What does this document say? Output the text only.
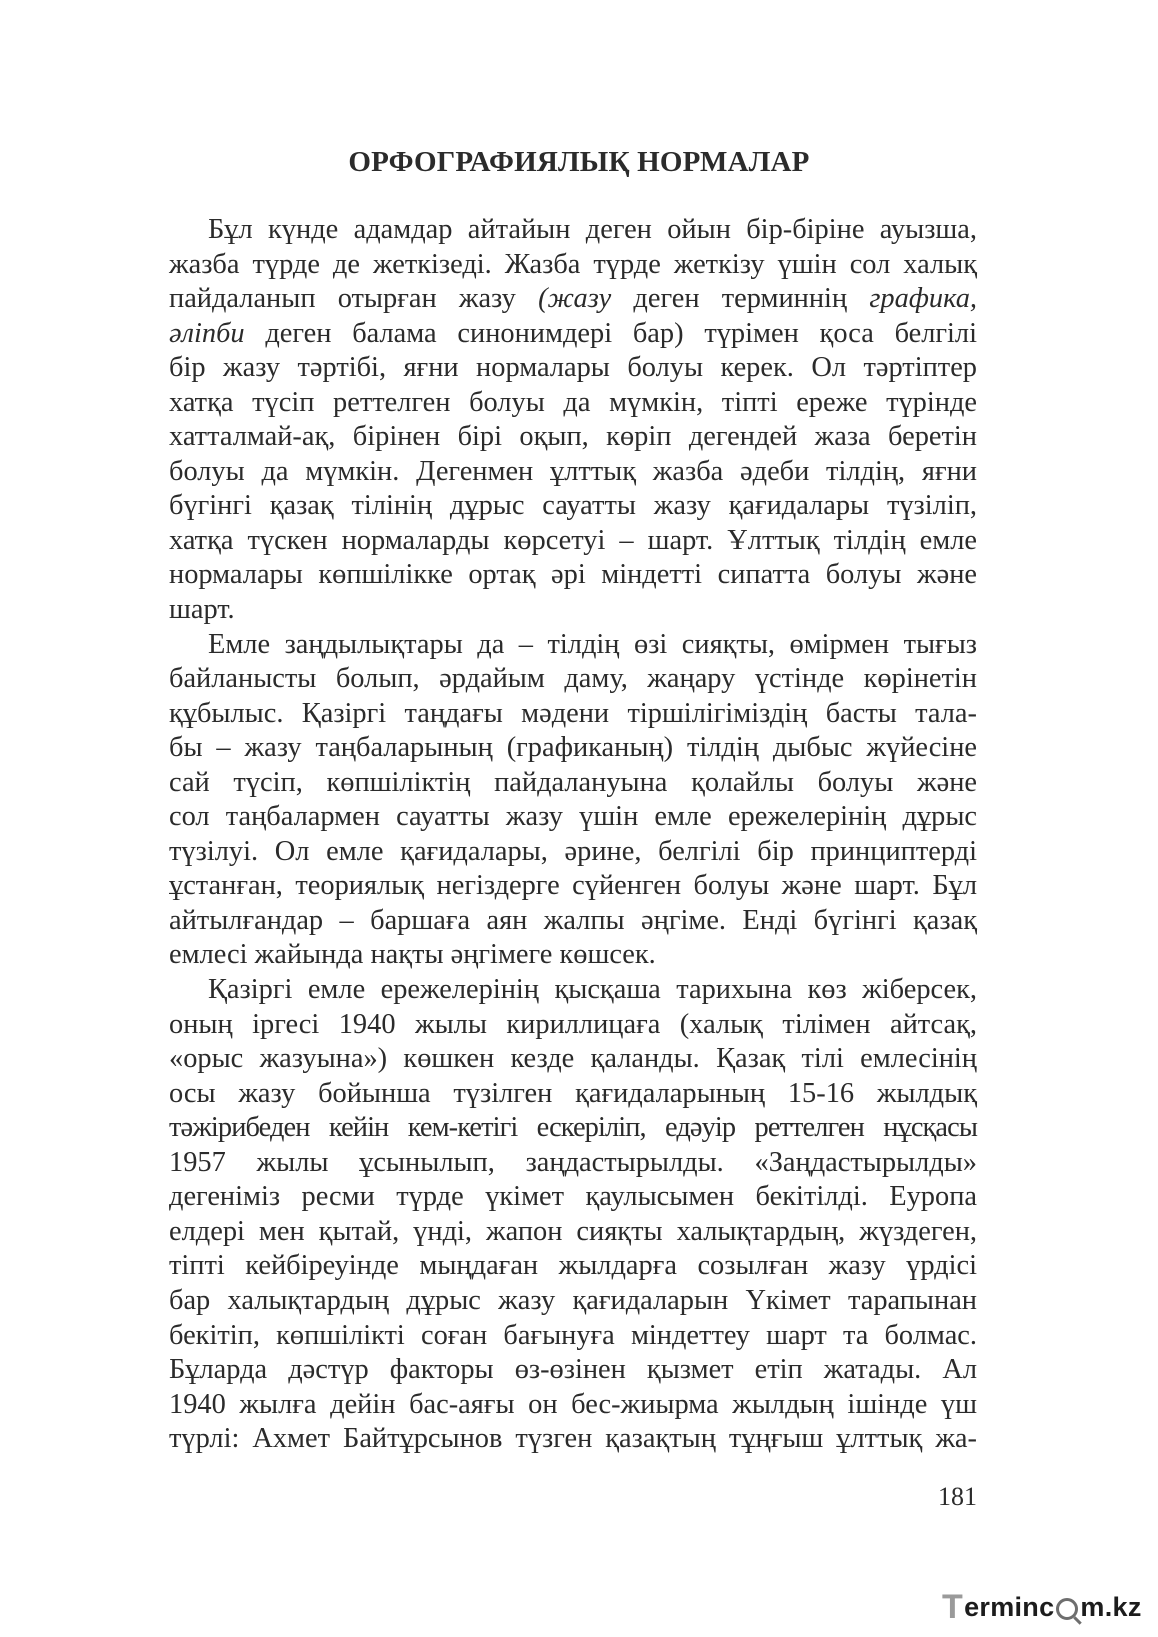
ОРФОГРАФИЯЛЫҚ НОРМАЛАР
Бұл күнде адамдар айтайын деген ойын бір-біріне ауызша,
жазба түрде де жеткізеді. Жазба түрде жеткізу үшін сол халық
пайдаланып отырған жазу (жазу деген терминнің графика,
әліпби деген балама синонимдері бар) түрімен қоса белгілі
бір жазу тәртібі, яғни нормалары болуы керек. Ол тәртіптер
хатқа түсіп реттелген болуы да мүмкін, тіпті ереже түрінде
хатталмай-ақ, бірінен бірі оқып, көріп дегендей жаза беретін
болуы да мүмкін. Дегенмен ұлттық жазба әдеби тілдің, яғни
бүгінгі қазақ тілінің дұрыс сауатты жазу қағидалары түзіліп,
хатқа түскен нормаларды көрсетуі – шарт. Ұлттық тілдің емле
нормалары көпшілікке ортақ әрі міндетті сипатта болуы және
шарт.
Емле заңдылықтары да – тілдің өзі сияқты, өмірмен тығыз
байланысты болып, әрдайым даму, жаңару үстінде көрінетін
құбылыс. Қазіргі таңдағы мәдени тіршілігіміздің басты тала-
бы – жазу таңбаларының (графиканың) тілдің дыбыс жүйесіне
сай түсіп, көпшіліктің пайдалануына қолайлы болуы және
сол таңбалармен сауатты жазу үшін емле ережелерінің дұрыс
түзілуі. Ол емле қағидалары, әрине, белгілі бір принциптерді
ұстанған, теориялық негіздерге сүйенген болуы және шарт. Бұл
айтылғандар – баршаға аян жалпы әңгіме. Енді бүгінгі қазақ
емлесі жайында нақты әңгімеге көшсек.
Қазіргі емле ережелерінің қысқаша тарихына көз жіберсек,
оның іргесі 1940 жылы кириллицаға (халық тілімен айтсақ,
«орыс жазуына») көшкен кезде қаланды. Қазақ тілі емлесінің
осы жазу бойынша түзілген қағидаларының 15-16 жылдық
тәжірибеден кейін кем-кетігі ескеріліп, едәуір реттелген нұсқасы
1957 жылы ұсынылып, заңдастырылды. «Заңдастырылды»
дегеніміз ресми түрде үкімет қаулысымен бекітілді. Еуропа
елдері мен қытай, үнді, жапон сияқты халықтардың, жүздеген,
тіпті кейбіреуінде мыңдаған жылдарға созылған жазу үрдісі
бар халықтардың дұрыс жазу қағидаларын Үкімет тарапынан
бекітіп, көпшілікті соған бағынуға міндеттеу шарт та болмас.
Бұларда дәстүр факторы өз-өзінен қызмет етіп жатады. Ал
1940 жылға дейін бас-аяғы он бес-жиырма жылдың ішінде үш
түрлі: Ахмет Байтұрсынов түзген қазақтың тұңғыш ұлттық жа-
181
T erminc m.kz
